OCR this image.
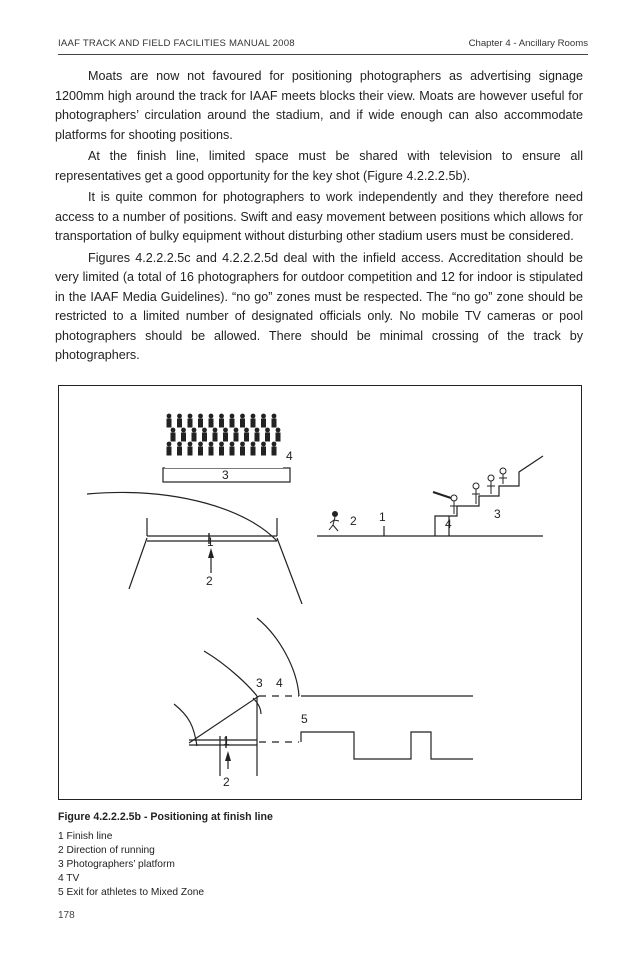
IAAF TRACK AND FIELD FACILITIES MANUAL 2008	Chapter 4 - Ancillary Rooms

Moats are now not favoured for positioning photographers as advertising signage 1200mm high around the track for IAAF meets blocks their view. Moats are however useful for photographers’ circulation around the stadium, and if wide enough can also accommodate platforms for shooting positions.

At the finish line, limited space must be shared with television to ensure all representatives get a good opportunity for the key shot (Figure 4.2.2.2.5b).

It is quite common for photographers to work independently and they therefore need access to a number of positions. Swift and easy movement between positions which allows for transportation of bulky equipment without disturbing other stadium users must be considered.

Figures 4.2.2.2.5c and 4.2.2.2.5d deal with the infield access. Accreditation should be very limited (a total of 16 photographers for outdoor competition and 12 for indoor is stipulated in the IAAF Media Guidelines). “no go” zones must be respected. The “no go” zone should be restricted to a limited number of designated officials only. No mobile TV cameras or pool photographers should be allowed. There should be minimal crossing of the track by photographers.

3
4
1
2
2 1	4
3
3 4
5
1
2
Figure 4.2.2.2.5b - Positioning at finish line
1 Finish line
2 Direction of running
3 Photographers’ platform
4 TV
5 Exit for athletes to Mixed Zone
178
